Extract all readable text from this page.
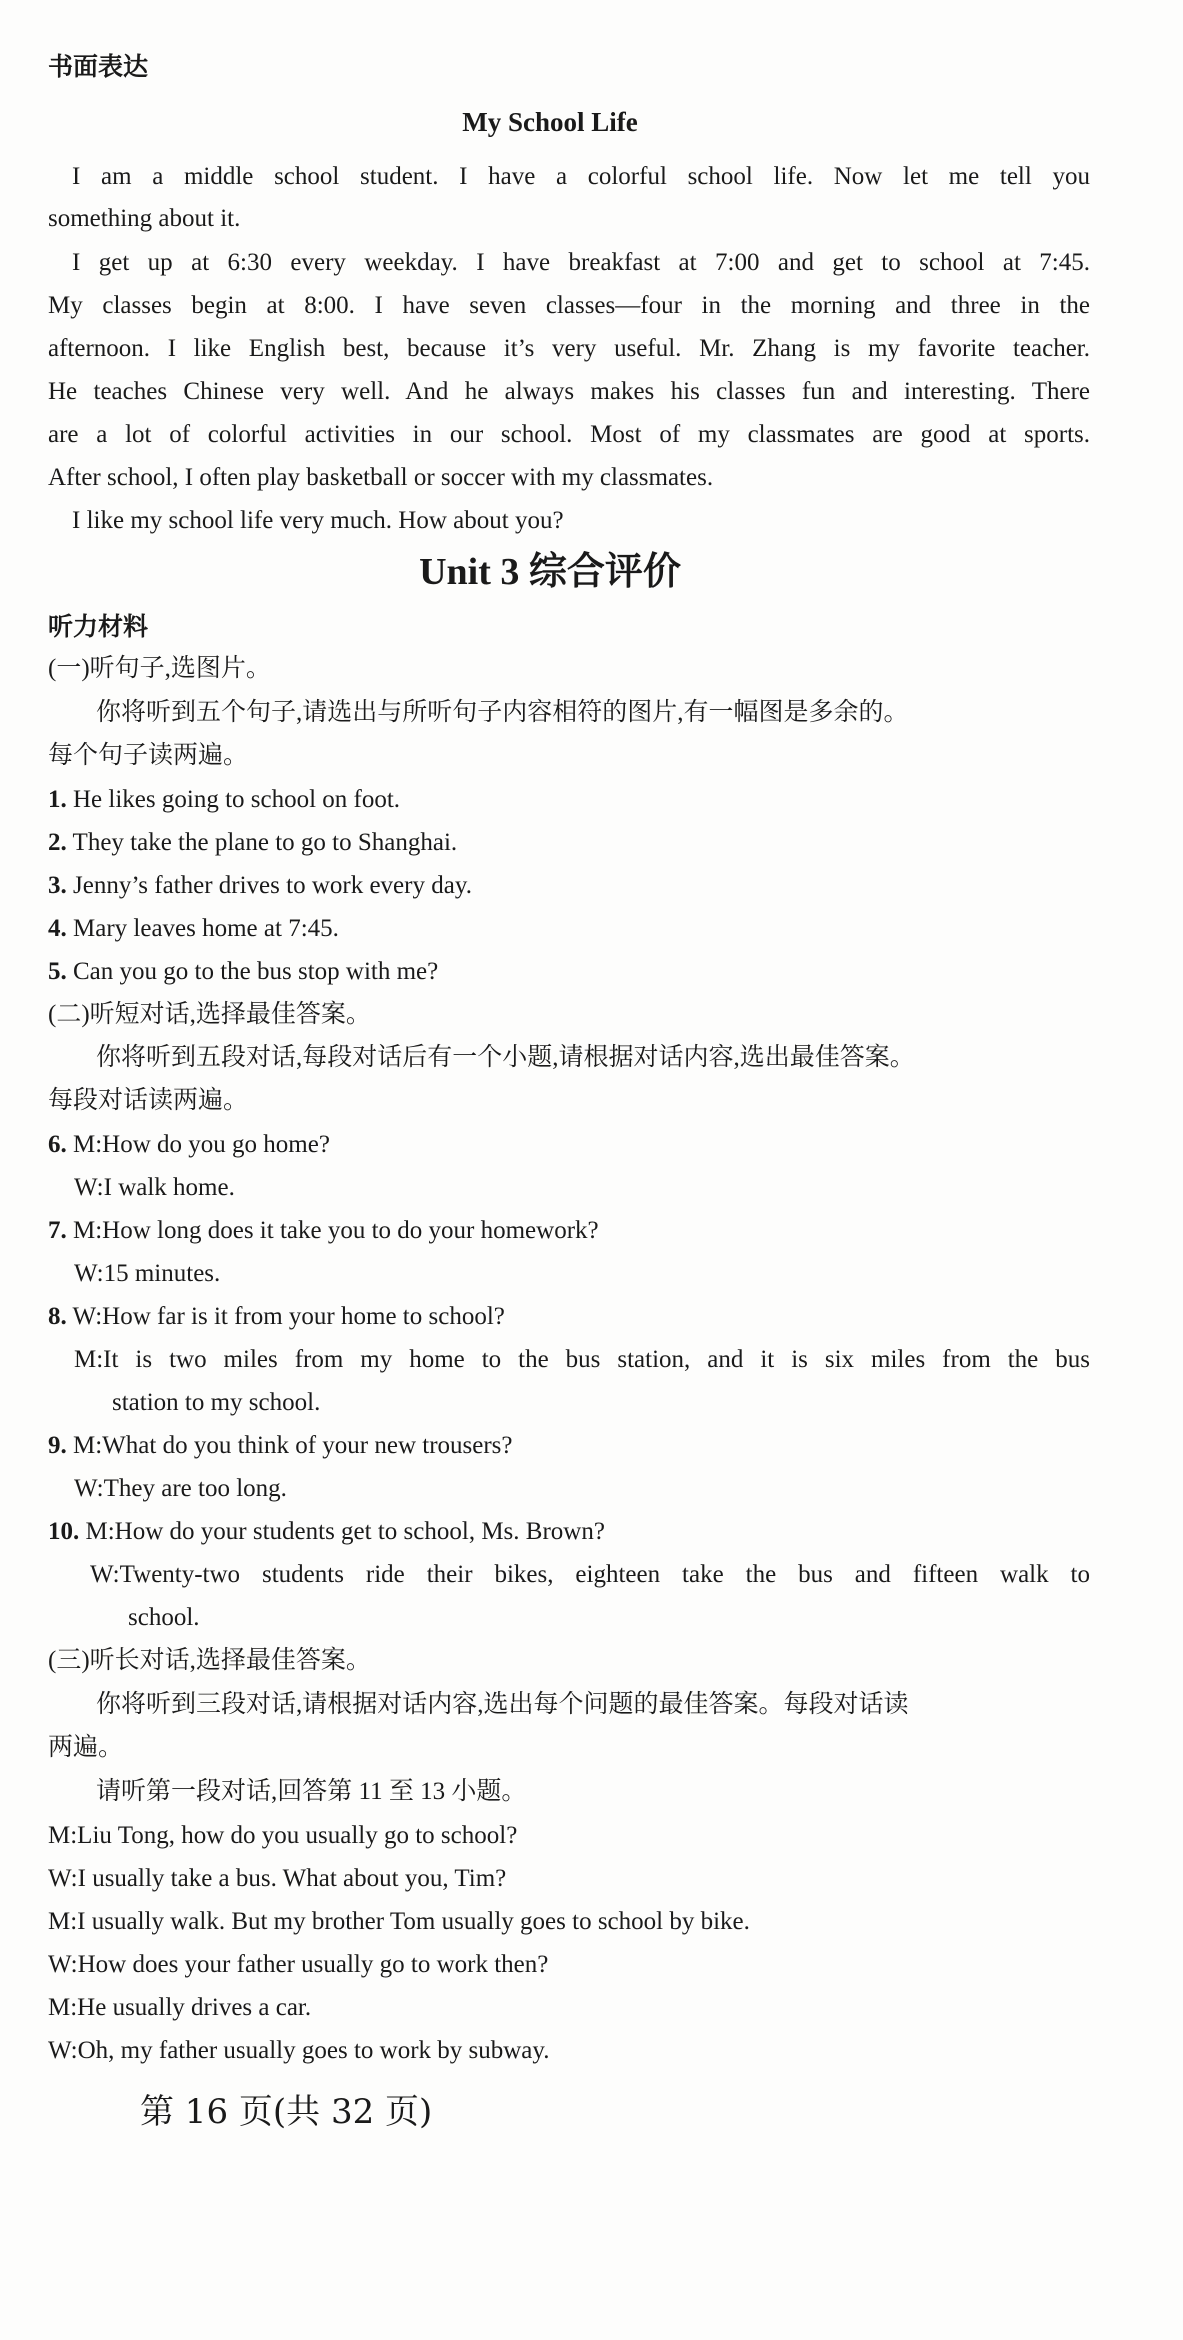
书面表达
My School Life
I am a middle school student. I have a colorful school life. Now let me tell you
something about it.
I get up at 6:30 every weekday. I have breakfast at 7:00 and get to school at 7:45.
My classes begin at 8:00. I have seven classes—four in the morning and three in the
afternoon. I like English best, because it’s very useful. Mr. Zhang is my favorite teacher.
He teaches Chinese very well. And he always makes his classes fun and interesting. There
are a lot of colorful activities in our school. Most of my classmates are good at sports.
After school, I often play basketball or soccer with my classmates.
I like my school life very much. How about you?
Unit 3 综合评价
听力材料
(一)听句子,选图片。
你将听到五个句子,请选出与所听句子内容相符的图片,有一幅图是多余的。
每个句子读两遍。
1. He likes going to school on foot.
2. They take the plane to go to Shanghai.
3. Jenny’s father drives to work every day.
4. Mary leaves home at 7:45.
5. Can you go to the bus stop with me?
(二)听短对话,选择最佳答案。
你将听到五段对话,每段对话后有一个小题,请根据对话内容,选出最佳答案。
每段对话读两遍。
6. M:How do you go home?
W:I walk home.
7. M:How long does it take you to do your homework?
W:15 minutes.
8. W:How far is it from your home to school?
M:It is two miles from my home to the bus station, and it is six miles from the bus
station to my school.
9. M:What do you think of your new trousers?
W:They are too long.
10. M:How do your students get to school, Ms. Brown?
W:Twenty-two students ride their bikes, eighteen take the bus and fifteen walk to
school.
(三)听长对话,选择最佳答案。
你将听到三段对话,请根据对话内容,选出每个问题的最佳答案。每段对话读
两遍。
请听第一段对话,回答第 11 至 13 小题。
M:Liu Tong, how do you usually go to school?
W:I usually take a bus. What about you, Tim?
M:I usually walk. But my brother Tom usually goes to school by bike.
W:How does your father usually go to work then?
M:He usually drives a car.
W:Oh, my father usually goes to work by subway.
第 16 页(共 32 页)
